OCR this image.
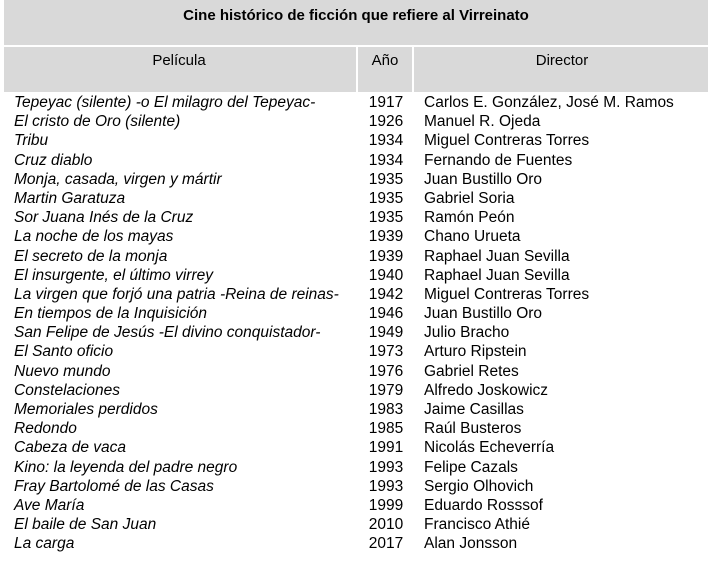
Cine histórico de ficción que refiere al Virreinato
Película	Año	Director
Tepeyac (silente) -o El milagro del Tepeyac-
El cristo de Oro (silente)
Tribu
Cruz diablo
Monja, casada, virgen y mártir
Martin Garatuza
Sor Juana Inés de la Cruz
La noche de los mayas
El secreto de la monja
El insurgente, el último virrey
La virgen que forjó una patria -Reina de reinas-
En tiempos de la Inquisición
San Felipe de Jesús -El divino conquistador-
El Santo oficio
Nuevo mundo
Constelaciones
Memoriales perdidos
Redondo
Cabeza de vaca
Kino: la leyenda del padre negro
Fray Bartolomé de las Casas
Ave María
El baile de San Juan
La carga
1917
1926
1934
1934
1935
1935
1935
1939
1939
1940
1942
1946
1949
1973
1976
1979
1983
1985
1991
1993
1993
1999
2010
2017
Carlos E. González, José M. Ramos
Manuel R. Ojeda
Miguel Contreras Torres
Fernando de Fuentes
Juan Bustillo Oro
Gabriel Soria
Ramón Peón
Chano Urueta
Raphael Juan Sevilla
Raphael Juan Sevilla
Miguel Contreras Torres
Juan Bustillo Oro
Julio Bracho
Arturo Ripstein
Gabriel Retes
Alfredo Joskowicz
Jaime Casillas
Raúl Busteros
Nicolás Echeverría
Felipe Cazals
Sergio Olhovich
Eduardo Rosssof
Francisco Athié
Alan Jonsson
